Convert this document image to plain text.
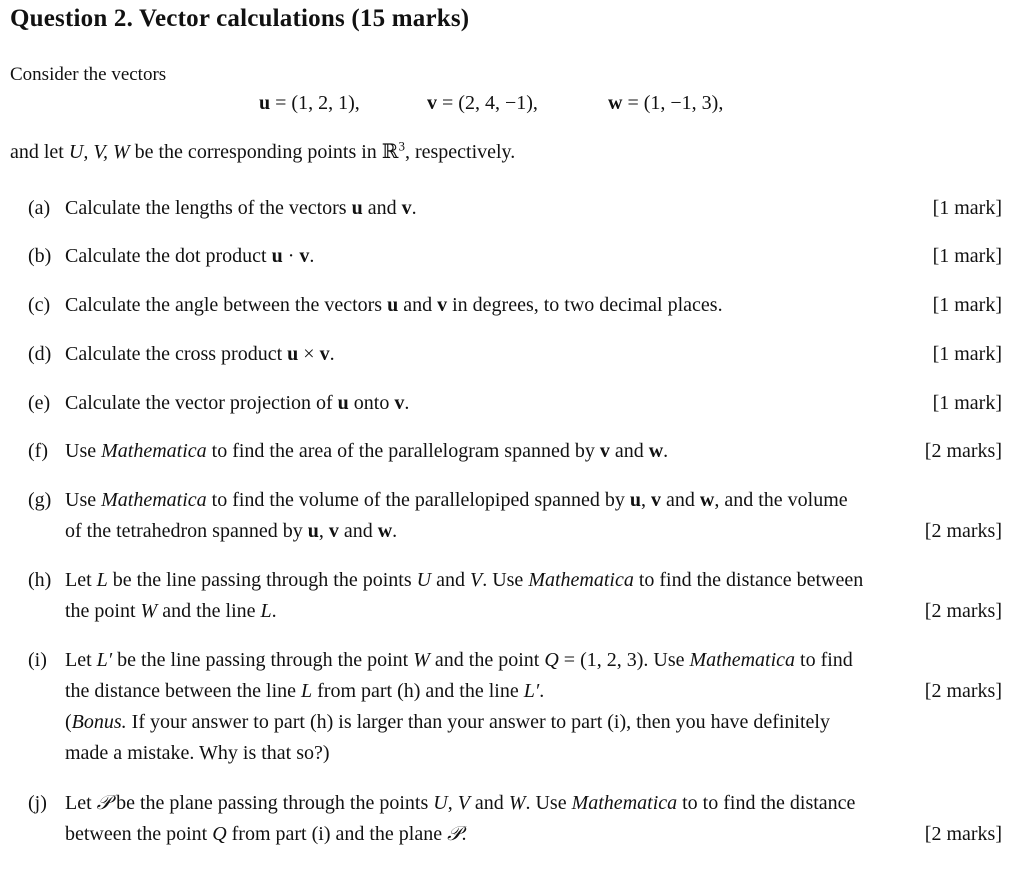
Question 2. Vector calculations (15 marks)

Consider the vectors

u = (1, 2, 1),	v = (2, 4, −1),	w = (1, −1, 3),

and let U, V, W be the corresponding points in ℝ$^3$, respectively.

(a) Calculate the lengths of the vectors u and v.	[1 mark]
(b) Calculate the dot product u · v.	[1 mark]
(c) Calculate the angle between the vectors u and v in degrees, to two decimal places.	[1 mark]
(d) Calculate the cross product u × v.	[1 mark]
(e) Calculate the vector projection of u onto v.	[1 mark]
(f) Use Mathematica to find the area of the parallelogram spanned by v and w.	[2 marks]
(g) Use Mathematica to find the volume of the parallelopiped spanned by u, v and w, and the volume
of the tetrahedron spanned by u, v and w.	[2 marks]
(h) Let L be the line passing through the points U and V. Use Mathematica to find the distance between
the point W and the line L.	[2 marks]
(i) Let L′ be the line passing through the point W and the point Q = (1, 2, 3). Use Mathematica to find
the distance between the line L from part (h) and the line L′.
(Bonus. If your answer to part (h) is larger than your answer to part (i), then you have definitely
made a mistake. Why is that so?)
[2 marks]
(j) Let 𝒫 be the plane passing through the points U, V and W. Use Mathematica to to find the distance
between the point Q from part (i) and the plane 𝒫.	[2 marks]
